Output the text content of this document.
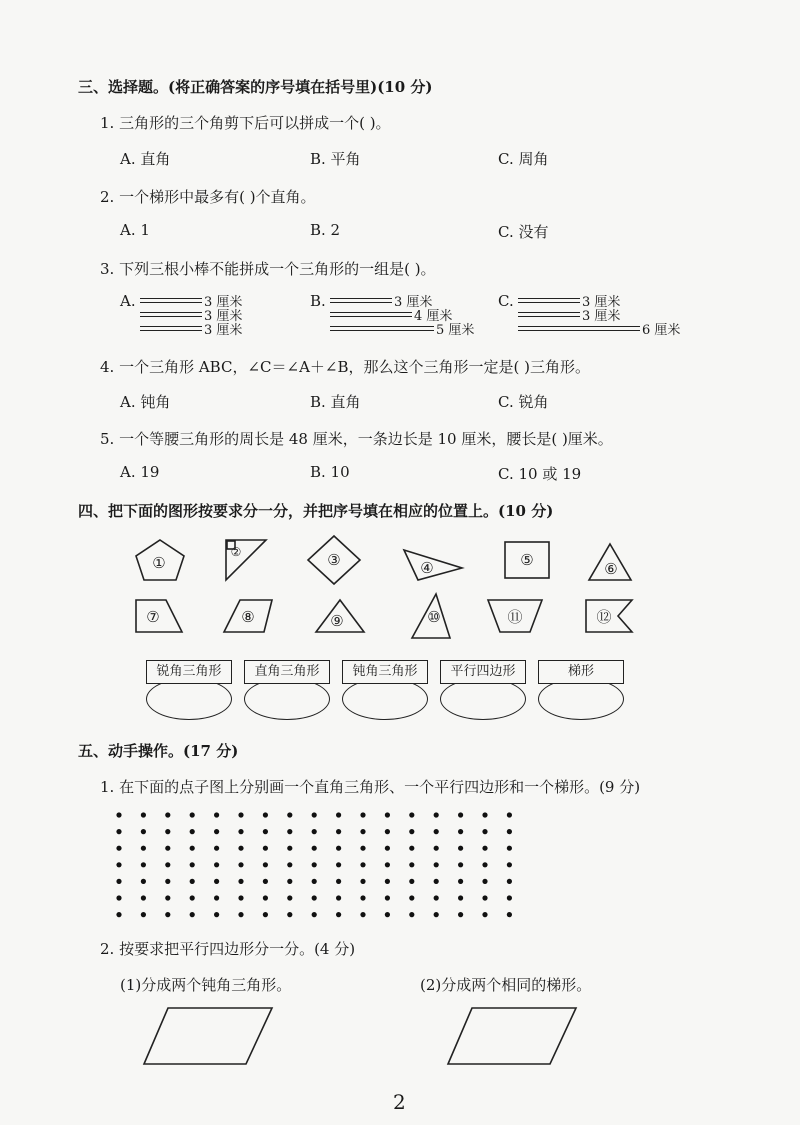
三、选择题。(将正确答案的序号填在括号里)(10 分)
1. 三角形的三个角剪下后可以拼成一个( )。
A. 直角	B. 平角	C. 周角
2. 一个梯形中最多有( )个直角。
A. 1	B. 2	C. 没有
3. 下列三根小棒不能拼成一个三角形的一组是( )。
A.	3 厘米
3 厘米
3 厘米
B.	3 厘米
4 厘米
5 厘米
C.	3 厘米
3 厘米
6 厘米
4. 一个三角形 ABC，∠C＝∠A＋∠B，那么这个三角形一定是( )三角形。
A. 钝角	B. 直角	C. 锐角
5. 一个等腰三角形的周长是 48 厘米，一条边长是 10 厘米，腰长是( )厘米。
A. 19	B. 10	C. 10 或 19
四、把下面的图形按要求分一分，并把序号填在相应的位置上。(10 分)
①
②	③	④	⑤	⑥
⑦	⑧	⑨	⑩	⑪	⑫
锐角三角形	直角三角形	钝角三角形	平行四边形	梯形
五、动手操作。(17 分)
1. 在下面的点子图上分别画一个直角三角形、一个平行四边形和一个梯形。(9 分)
2. 按要求把平行四边形分一分。(4 分)
(1)分成两个钝角三角形。	(2)分成两个相同的梯形。
2
